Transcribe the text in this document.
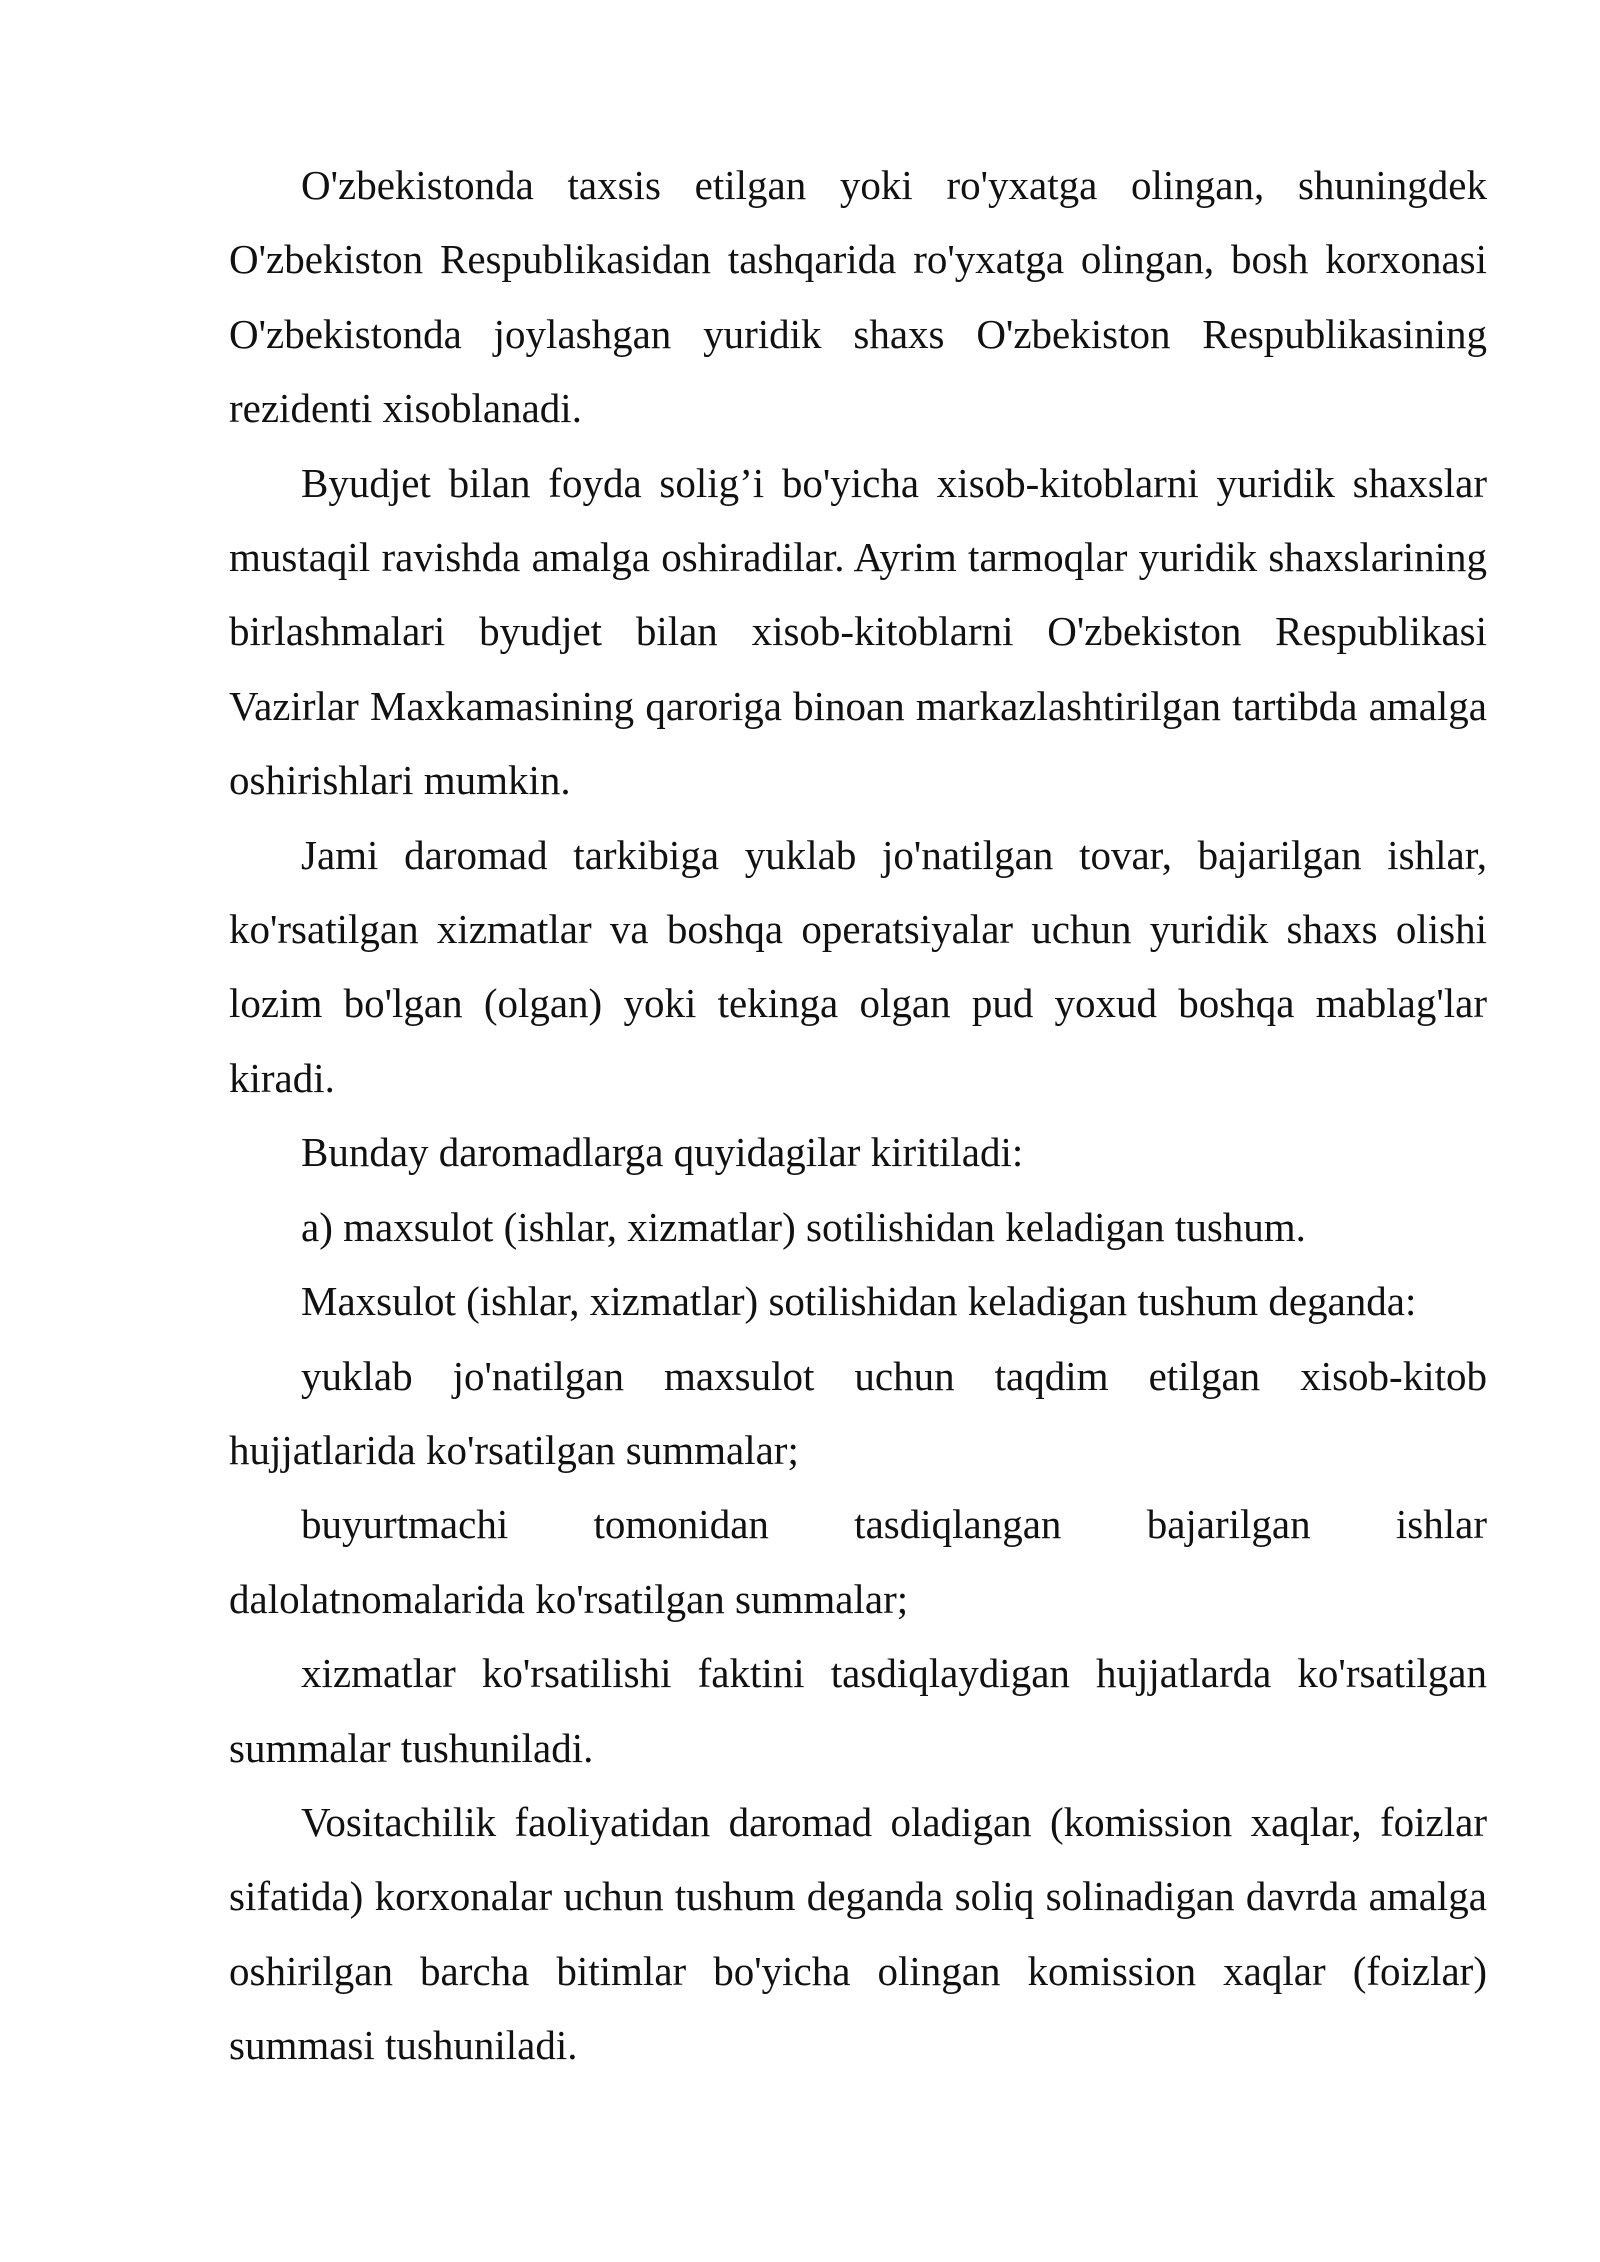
O'zbekistonda taxsis etilgan yoki ro'yxatga olingan, shuningdek O'zbekiston Respublikasidan tashqarida ro'yxatga olingan, bosh korxonasi O'zbekistonda joylashgan yuridik shaxs O'zbekiston Respublikasining rezidenti xisoblanadi.

Byudjet bilan foyda solig’i bo'yicha xisob-kitoblarni yuridik shaxslar mustaqil ravishda amalga oshiradilar. Ayrim tarmoqlar yuridik shaxslarining birlashmalari byudjet bilan xisob-kitoblarni O'zbekiston Respublikasi Vazirlar Maxkamasining qaroriga binoan markazlashtirilgan tartibda amalga oshirishlari mumkin.

Jami daromad tarkibiga yuklab jo'natilgan tovar, bajarilgan ishlar, ko'rsatilgan xizmatlar va boshqa operatsiyalar uchun yuridik shaxs olishi lozim bo'lgan (olgan) yoki tekinga olgan pud yoxud boshqa mablag'lar kiradi.

Bunday daromadlarga quyidagilar kiritiladi:

a) maxsulot (ishlar, xizmatlar) sotilishidan keladigan tushum.

Maxsulot (ishlar, xizmatlar) sotilishidan keladigan tushum deganda:

yuklab jo'natilgan maxsulot uchun taqdim etilgan xisob-kitob hujjatlarida ko'rsatilgan summalar;

buyurtmachi tomonidan tasdiqlangan bajarilgan ishlar dalolatnomalarida ko'rsatilgan summalar;

xizmatlar ko'rsatilishi faktini tasdiqlaydigan hujjatlarda ko'rsatilgan summalar tushuniladi.

Vositachilik faoliyatidan daromad oladigan (komission xaqlar, foizlar sifatida) korxonalar uchun tushum deganda soliq solinadigan davrda amalga oshirilgan barcha bitimlar bo'yicha olingan komission xaqlar (foizlar) summasi tushuniladi.
